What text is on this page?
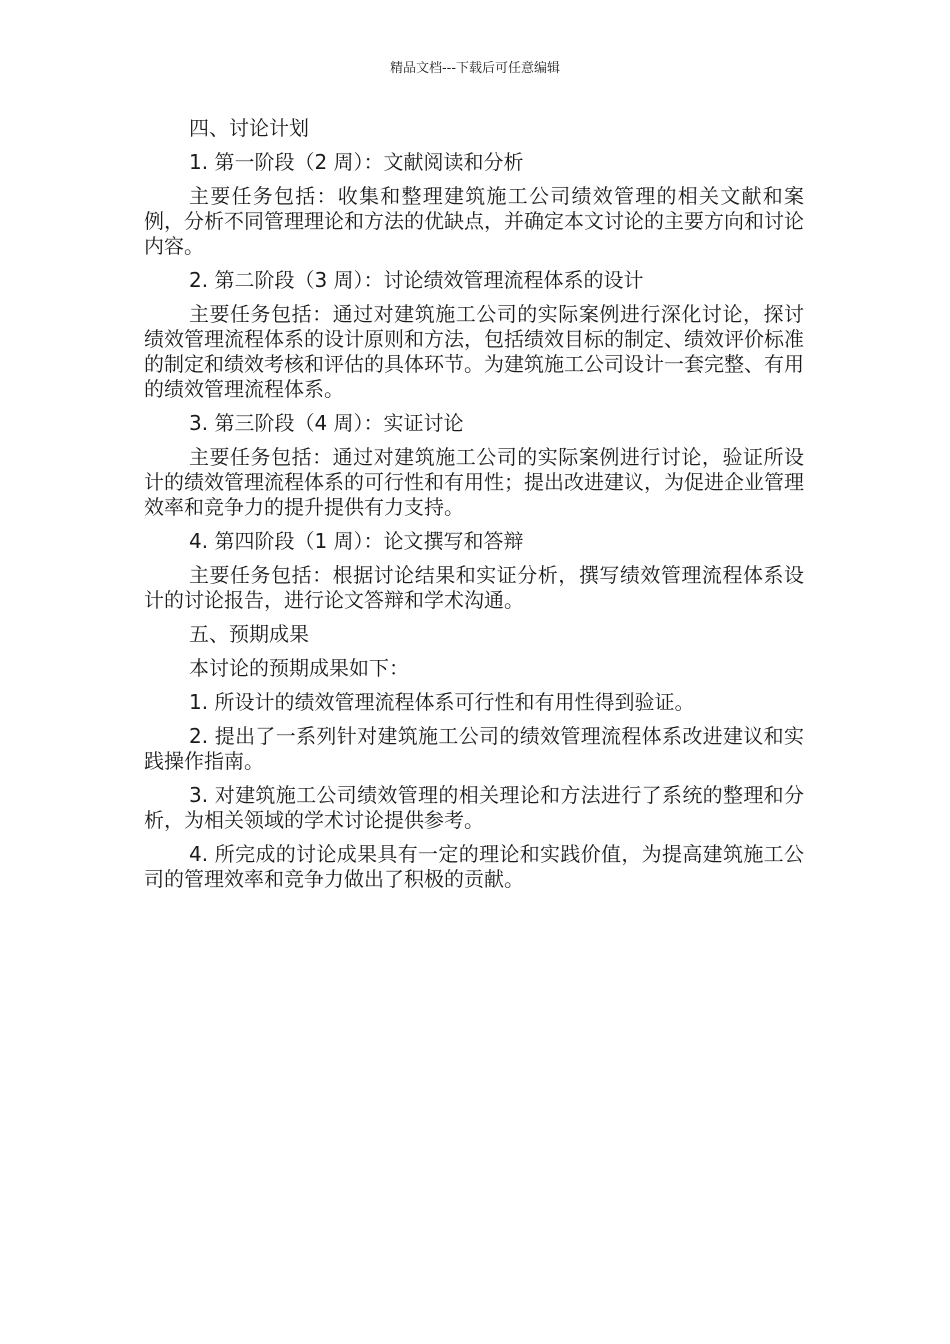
精品文档---下载后可任意编辑

四、讨论计划

1. 第一阶段（2 周）：文献阅读和分析

主要任务包括：收集和整理建筑施工公司绩效管理的相关文献和案例，分析不同管理理论和方法的优缺点，并确定本文讨论的主要方向和讨论内容。

2. 第二阶段（3 周）：讨论绩效管理流程体系的设计

主要任务包括：通过对建筑施工公司的实际案例进行深化讨论，探讨绩效管理流程体系的设计原则和方法，包括绩效目标的制定、绩效评价标准的制定和绩效考核和评估的具体环节。为建筑施工公司设计一套完整、有用的绩效管理流程体系。

3. 第三阶段（4 周）：实证讨论

主要任务包括：通过对建筑施工公司的实际案例进行讨论，验证所设计的绩效管理流程体系的可行性和有用性；提出改进建议，为促进企业管理效率和竞争力的提升提供有力支持。

4. 第四阶段（1 周）：论文撰写和答辩

主要任务包括：根据讨论结果和实证分析，撰写绩效管理流程体系设计的讨论报告，进行论文答辩和学术沟通。

五、预期成果

本讨论的预期成果如下：

1. 所设计的绩效管理流程体系可行性和有用性得到验证。

2. 提出了一系列针对建筑施工公司的绩效管理流程体系改进建议和实践操作指南。

3. 对建筑施工公司绩效管理的相关理论和方法进行了系统的整理和分析，为相关领域的学术讨论提供参考。

4. 所完成的讨论成果具有一定的理论和实践价值，为提高建筑施工公司的管理效率和竞争力做出了积极的贡献。
